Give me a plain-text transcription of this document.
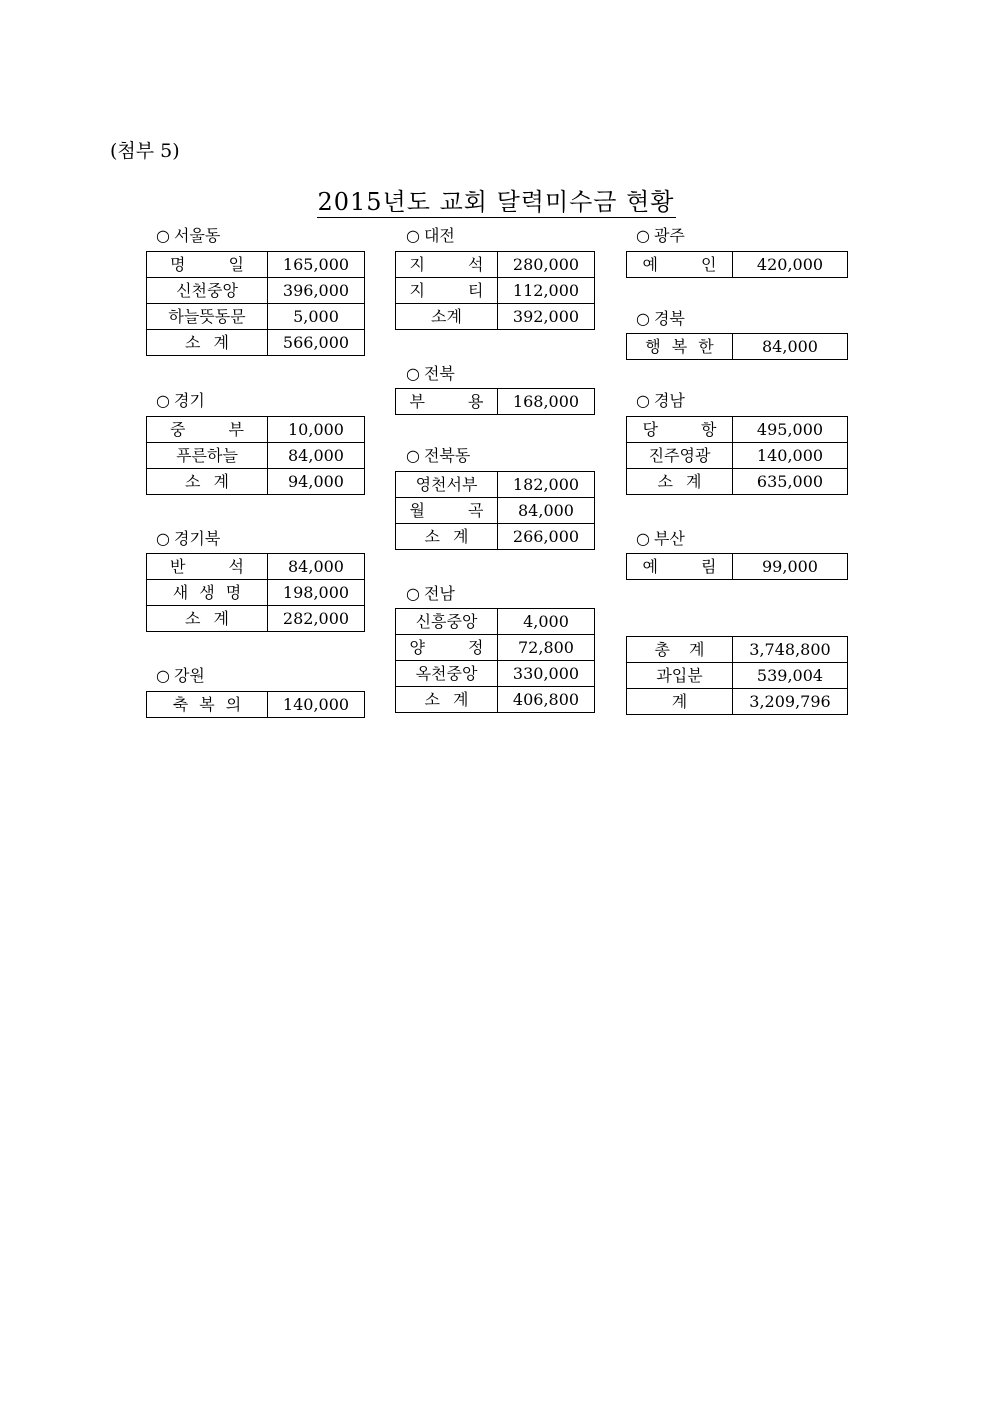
(첨부 5)
2015년도 교회 달력미수금 현황
○ 서울동
명 일	165,000
신천중앙	396,000
하늘뜻동문	5,000
소 계	566,000
○ 경기
중 부	10,000
푸른하늘	84,000
소 계	94,000
○ 경기북
반 석	84,000
새 생 명	198,000
소 계	282,000
○ 강원
축 복 의	140,000
○ 대전
지 석	280,000
지 티	112,000
소계	392,000
○ 전북
부 용	168,000
○ 전북동
영천서부	182,000
월 곡	84,000
소 계	266,000
○ 전남
신흥중앙	4,000
양 정	72,800
옥천중앙	330,000
소 계	406,800
○ 광주
예 인	420,000
○ 경북
행 복 한	84,000
○ 경남
당 항	495,000
진주영광	140,000
소 계	635,000
○ 부산
예 림	99,000
총 계	3,748,800
과입분	539,004
계	3,209,796
